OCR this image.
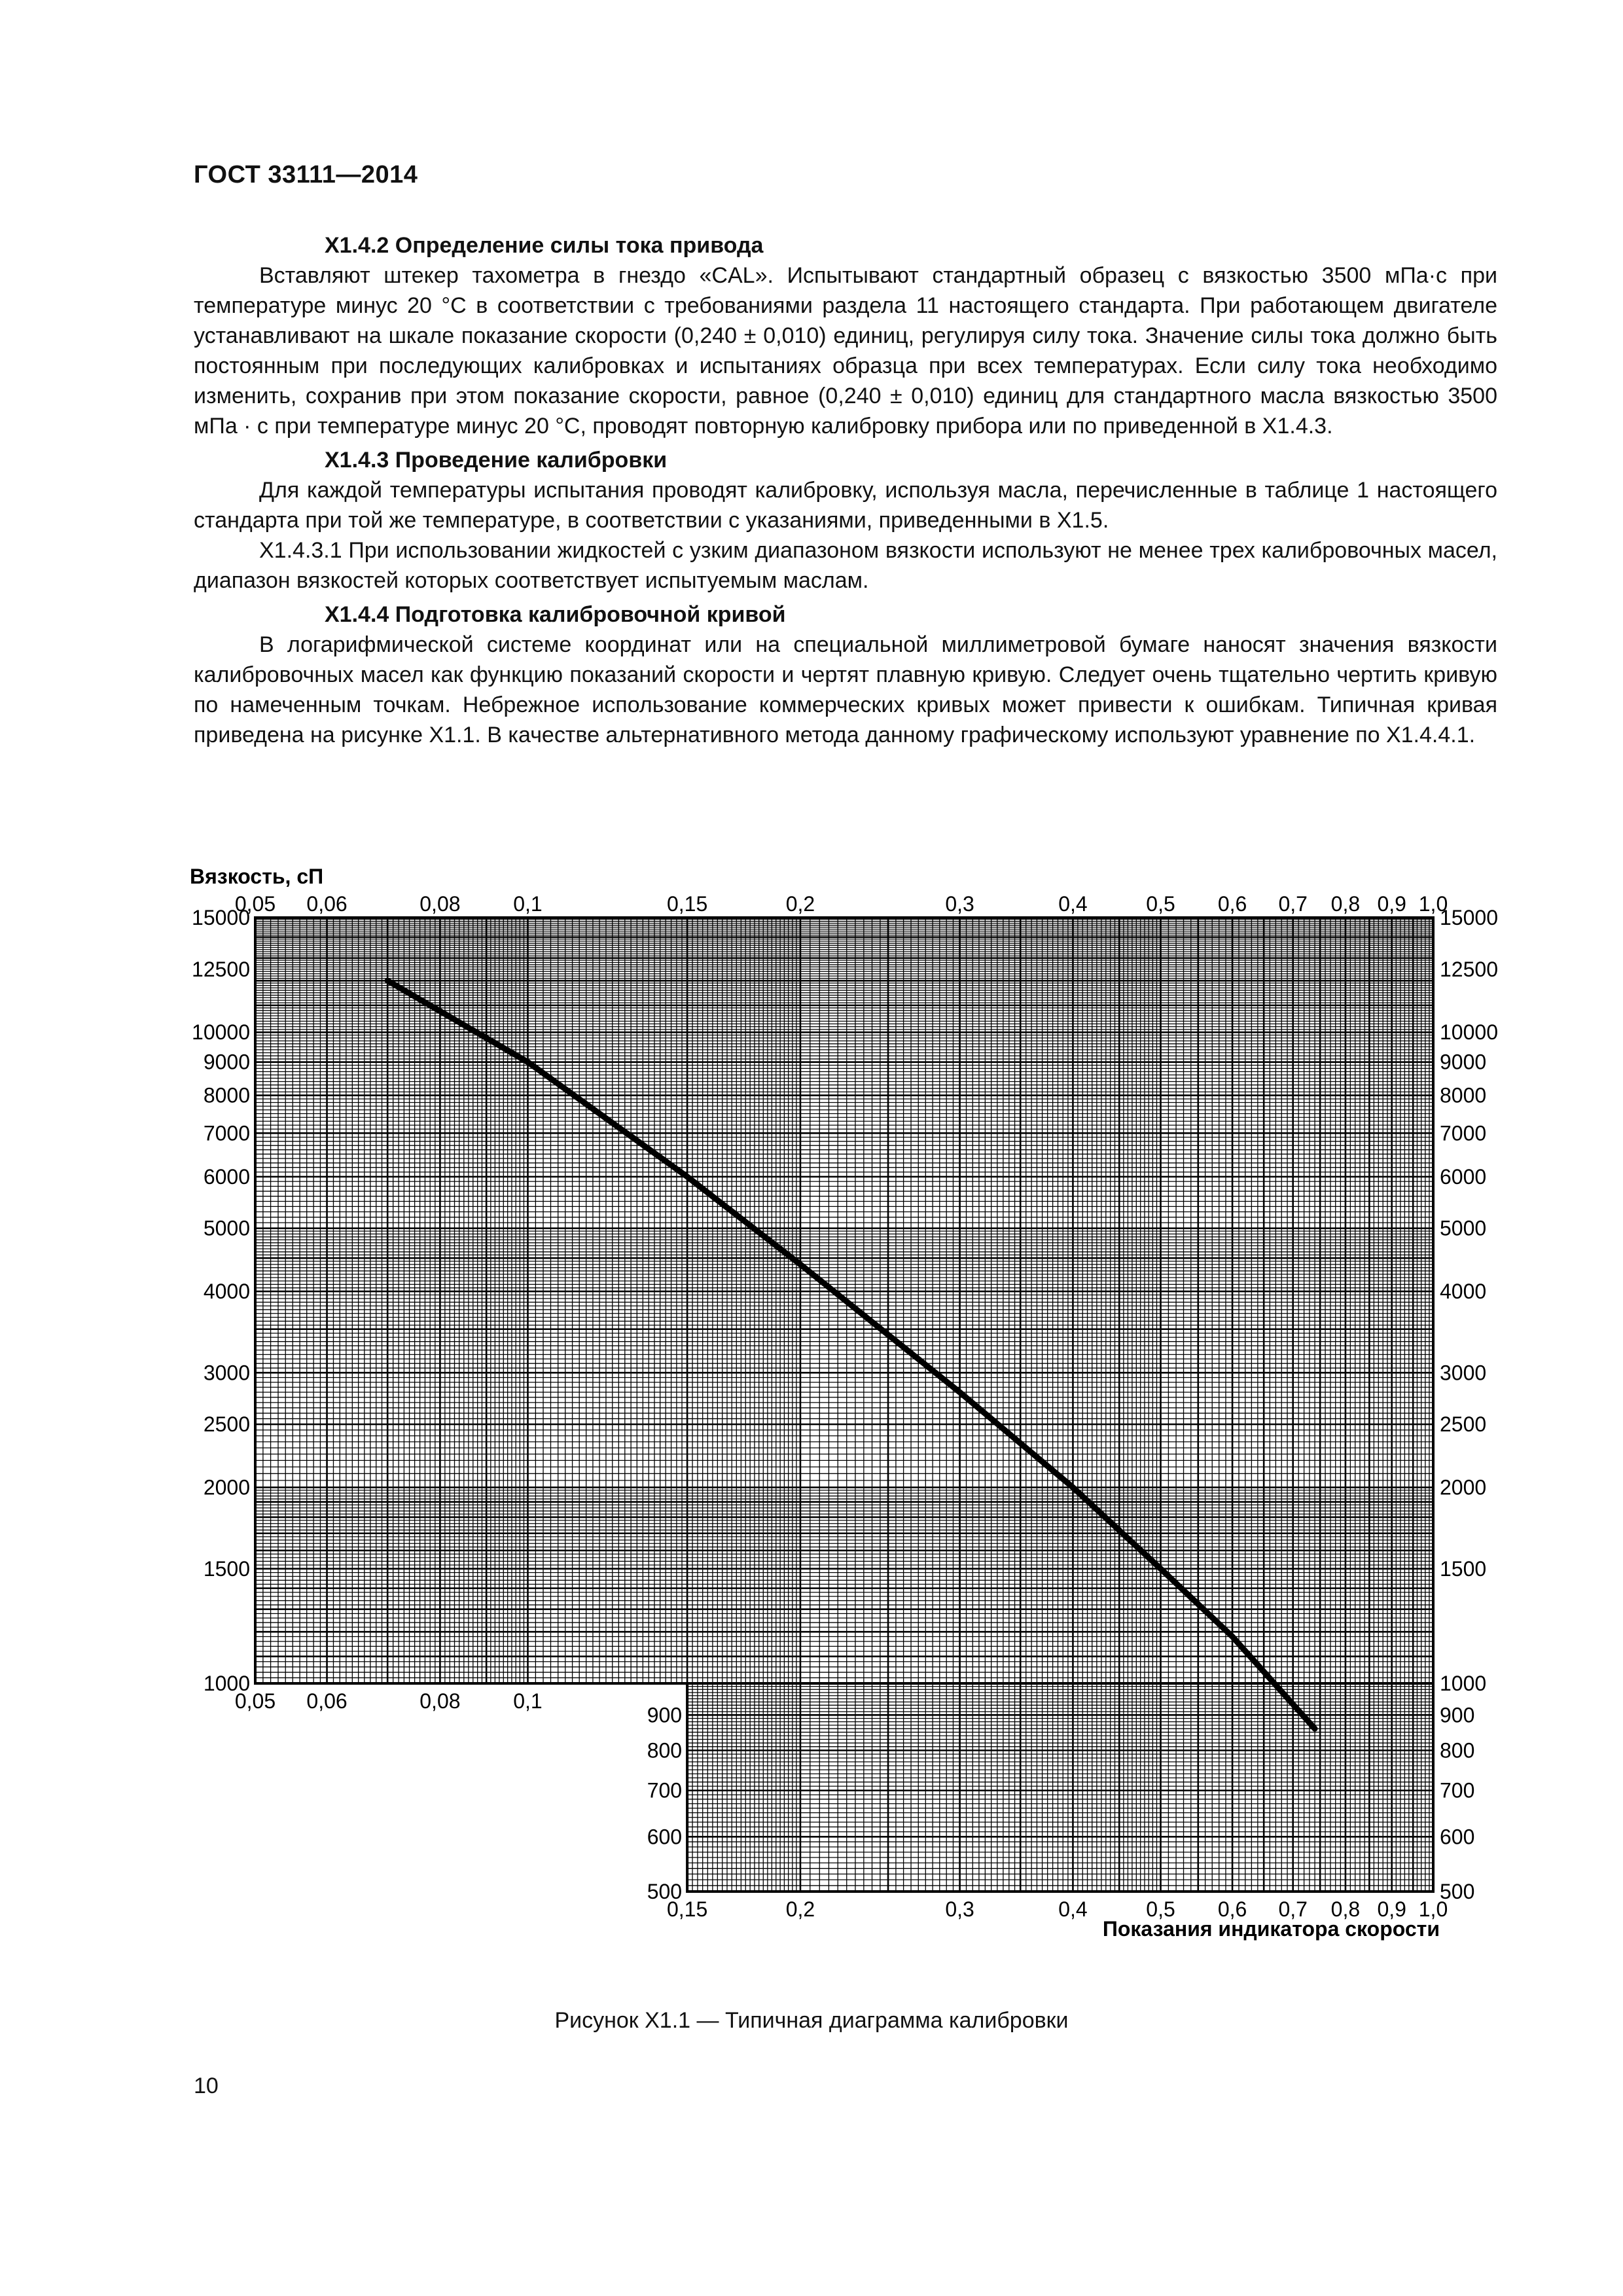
ГОСТ 33111—2014

X1.4.2 Определение силы тока привода

Вставляют штекер тахометра в гнездо «CAL». Испытывают стандартный образец с вязкостью 3500 мПа·с при температуре минус 20 °С в соответствии с требованиями раздела 11 настоящего стандарта. При работающем двигателе устанавливают на шкале показание скорости (0,240 ± 0,010) единиц, регулируя силу тока. Значение силы тока должно быть постоянным при последующих калибровках и испытаниях образца при всех температурах. Если силу тока необходимо изменить, сохранив при этом показание скорости, равное (0,240 ± 0,010) единиц для стандартного масла вязкостью 3500 мПа · с при температуре минус 20 °С, проводят повторную калибровку прибора или по приведенной в X1.4.3.

X1.4.3 Проведение калибровки

Для каждой температуры испытания проводят калибровку, используя масла, перечисленные в таблице 1 настоящего стандарта при той же температуре, в соответствии с указаниями, приведенными в X1.5.

X1.4.3.1 При использовании жидкостей с узким диапазоном вязкости используют не менее трех калибровочных масел, диапазон вязкостей которых соответствует испытуемым маслам.

X1.4.4 Подготовка калибровочной кривой

В логарифмической системе координат или на специальной миллиметровой бумаге наносят значения вязкости калибровочных масел как функцию показаний скорости и чертят плавную кривую. Следует очень тщательно чертить кривую по намеченным точкам. Небрежное использование коммерческих кривых может привести к ошибкам. Типичная кривая приведена на рисунке X1.1. В качестве альтернативного метода данному графическому используют уравнение по X1.4.4.1.

0,05 0,06	0,08	0,1	0,15	0,2	0,3	0,4	0,5 0,6 0,7 0,8 0,9 1,0
0,05 0,06	0,08	0,1
0,15	0,2	0,3	0,4	0,5 0,6 0,7 0,8 0,9 1,0
15000	15000
12500	12500
10000	10000
9000	9000
8000	8000
7000	7000
6000	6000
5000	5000
4000	4000
3000	3000
2500	2500
2000	2000
1500	1500
1000	1000
900	900
800	800
700	700
600	600
500	500
Вязкость, сП
Показания индикатора скорости
Рисунок X1.1 — Типичная диаграмма калибровки
10
